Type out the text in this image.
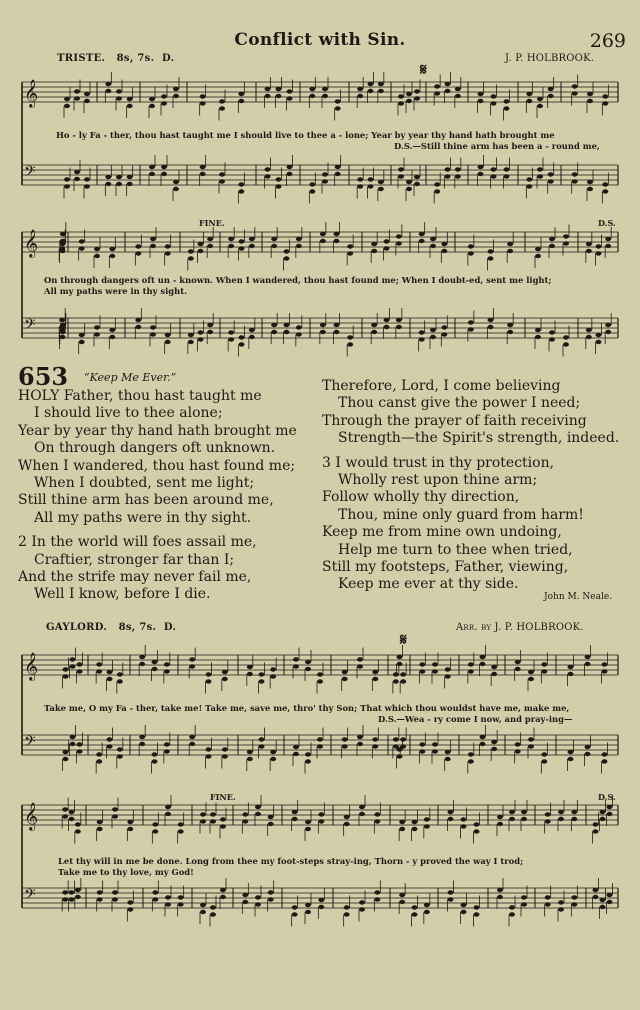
Conflict with Sin.	269
TRISTE. 8s, 7s. D.	J. P. HOLBROOK.
𝄋
𝄞
𝄢
𝄞
𝄢
𝄞
𝄢
𝄞
𝄢
Ho - ly Fa - ther, thou hast taught me I should live to thee a - lone; Year by year thy hand hath brought me
D.S.—Still thine arm has been a - round me,
FINE.	D.S.
On through dangers oft un - known. When I wandered, thou hast found me; When I doubt-ed, sent me light;
All my paths were in thy sight.
653 “Keep Me Ever.”
HOLY Father, thou hast taught me
I should live to thee alone;
Year by year thy hand hath brought me
On through dangers oft unknown.
When I wandered, thou hast found me;
When I doubted, sent me light;
Still thine arm has been around me,
All my paths were in thy sight.
2 In the world will foes assail me,
Craftier, stronger far than I;
And the strife may never fail me,
Well I know, before I die.
Therefore, Lord, I come believing
Thou canst give the power I need;
Through the prayer of faith receiving
Strength—the Spirit's strength, indeed.
3 I would trust in thy protection,
Wholly rest upon thine arm;
Follow wholly thy direction,
Thou, mine only guard from harm!
Keep me from mine own undoing,
Help me turn to thee when tried,
Still my footsteps, Father, viewing,
Keep me ever at thy side.
John M. Neale.
GAYLORD. 8s, 7s. D.	Arr. by J. P. HOLBROOK.
𝄋
Take me, O my Fa - ther, take me! Take me, save me, thro' thy Son; That which thou wouldst have me, make me,
D.S.—Wea - ry come I now, and pray-ing—
FINE.	D.S.
Let thy will in me be done. Long from thee my foot-steps stray-ing, Thorn - y proved the way I trod;
Take me to thy love, my God!
